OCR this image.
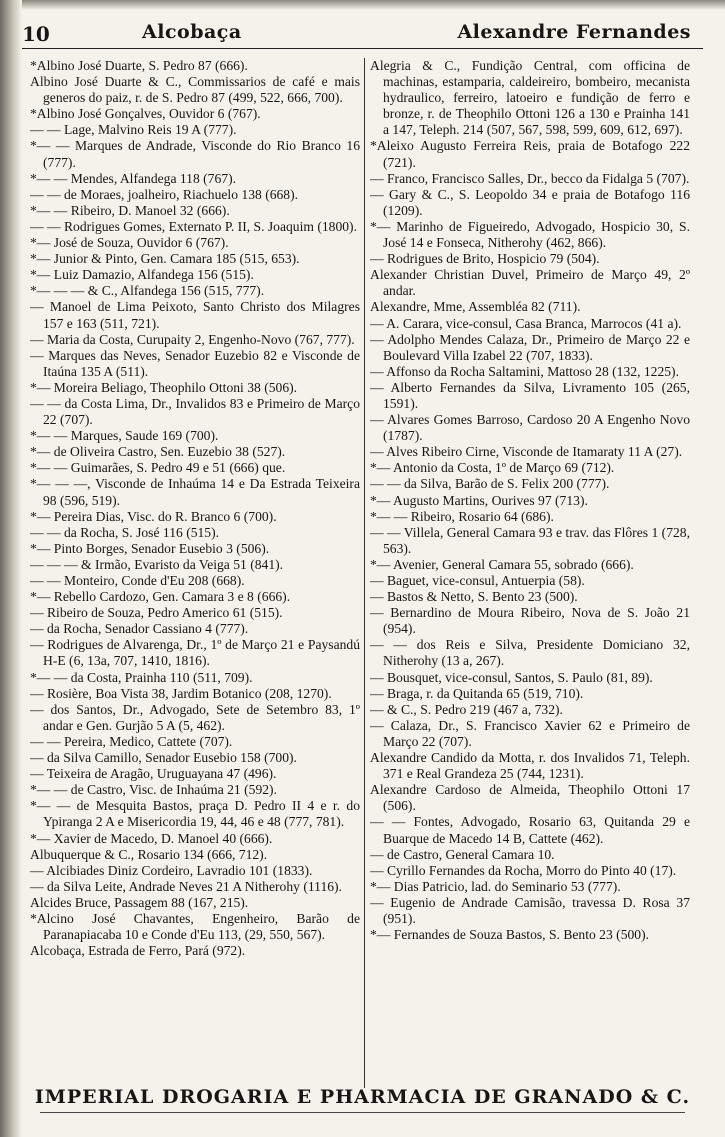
10	Alcobaça	Alexandre Fernandes

*Albino José Duarte, S. Pedro 87 (666).

Albino José Duarte & C., Commissarios de café e mais generos do paiz, r. de S. Pedro 87 (499, 522, 666, 700).

*Albino José Gonçalves, Ouvidor 6 (767).

— — Lage, Malvino Reis 19 A (777).

*— — Marques de Andrade, Visconde do Rio Branco 16 (777).

*— — Mendes, Alfandega 118 (767).

— — de Moraes, joalheiro, Riachuelo 138 (668).

*— — Ribeiro, D. Manoel 32 (666).

— — Rodrigues Gomes, Externato P. II, S. Joaquim (1800).

*— José de Souza, Ouvidor 6 (767).

*— Junior & Pinto, Gen. Camara 185 (515, 653).

*— Luiz Damazio, Alfandega 156 (515).

*— — — & C., Alfandega 156 (515, 777).

— Manoel de Lima Peixoto, Santo Christo dos Milagres 157 e 163 (511, 721).

— Maria da Costa, Curupaity 2, Engenho-Novo (767, 777).

— Marques das Neves, Senador Euzebio 82 e Visconde de Itaúna 135 A (511).

*— Moreira Beliago, Theophilo Ottoni 38 (506).

— — da Costa Lima, Dr., Invalidos 83 e Primeiro de Março 22 (707).

*— — Marques, Saude 169 (700).

*— de Oliveira Castro, Sen. Euzebio 38 (527).

*— — Guimarães, S. Pedro 49 e 51 (666) que.

*— — —, Visconde de Inhaúma 14 e Da Estrada Teixeira 98 (596, 519).

*— Pereira Dias, Visc. do R. Branco 6 (700).

— — da Rocha, S. José 116 (515).

*— Pinto Borges, Senador Eusebio 3 (506).

— — — & Irmão, Evaristo da Veiga 51 (841).

— — Monteiro, Conde d'Eu 208 (668).

*— Rebello Cardozo, Gen. Camara 3 e 8 (666).

— Ribeiro de Souza, Pedro Americo 61 (515).

— da Rocha, Senador Cassiano 4 (777).

— Rodrigues de Alvarenga, Dr., 1º de Março 21 e Paysandú H-E (6, 13a, 707, 1410, 1816).

*— — da Costa, Prainha 110 (511, 709).

— Rosière, Boa Vista 38, Jardim Botanico (208, 1270).

— dos Santos, Dr., Advogado, Sete de Setembro 83, 1º andar e Gen. Gurjão 5 A (5, 462).

— — Pereira, Medico, Cattete (707).

— da Silva Camillo, Senador Eusebio 158 (700).

— Teixeira de Aragão, Uruguayana 47 (496).

*— — de Castro, Visc. de Inhaúma 21 (592).

*— — de Mesquita Bastos, praça D. Pedro II 4 e r. do Ypiranga 2 A e Misericordia 19, 44, 46 e 48 (777, 781).

*— Xavier de Macedo, D. Manoel 40 (666).

Albuquerque & C., Rosario 134 (666, 712).

— Alcibiades Diniz Cordeiro, Lavradio 101 (1833).

— da Silva Leite, Andrade Neves 21 A Nitherohy (1116).

Alcides Bruce, Passagem 88 (167, 215).

*Alcino José Chavantes, Engenheiro, Barão de Paranapiacaba 10 e Conde d'Eu 113, (29, 550, 567).

Alcobaça, Estrada de Ferro, Pará (972).

Alegria & C., Fundição Central, com officina de machinas, estamparia, caldeireiro, bombeiro, mecanista hydraulico, ferreiro, latoeiro e fundição de ferro e bronze, r. de Theophilo Ottoni 126 a 130 e Prainha 141 a 147, Teleph. 214 (507, 567, 598, 599, 609, 612, 697).

*Aleixo Augusto Ferreira Reis, praia de Botafogo 222 (721).

— Franco, Francisco Salles, Dr., becco da Fidalga 5 (707).

— Gary & C., S. Leopoldo 34 e praia de Botafogo 116 (1209).

*— Marinho de Figueiredo, Advogado, Hospicio 30, S. José 14 e Fonseca, Nitherohy (462, 866).

— Rodrigues de Brito, Hospicio 79 (504).

Alexander Christian Duvel, Primeiro de Março 49, 2º andar.

Alexandre, Mme, Assembléa 82 (711).

— A. Carara, vice-consul, Casa Branca, Marrocos (41 a).

— Adolpho Mendes Calaza, Dr., Primeiro de Março 22 e Boulevard Villa Izabel 22 (707, 1833).

— Affonso da Rocha Saltamini, Mattoso 28 (132, 1225).

— Alberto Fernandes da Silva, Livramento 105 (265, 1591).

— Alvares Gomes Barroso, Cardoso 20 A Engenho Novo (1787).

— Alves Ribeiro Cirne, Visconde de Itamaraty 11 A (27).

*— Antonio da Costa, 1º de Março 69 (712).

— — da Silva, Barão de S. Felix 200 (777).

*— Augusto Martins, Ourives 97 (713).

*— — Ribeiro, Rosario 64 (686).

— — Villela, General Camara 93 e trav. das Flôres 1 (728, 563).

*— Avenier, General Camara 55, sobrado (666).

— Baguet, vice-consul, Antuerpia (58).

— Bastos & Netto, S. Bento 23 (500).

— Bernardino de Moura Ribeiro, Nova de S. João 21 (954).

— — dos Reis e Silva, Presidente Domiciano 32, Nitherohy (13 a, 267).

— Bousquet, vice-consul, Santos, S. Paulo (81, 89).

— Braga, r. da Quitanda 65 (519, 710).

— & C., S. Pedro 219 (467 a, 732).

— Calaza, Dr., S. Francisco Xavier 62 e Primeiro de Março 22 (707).

Alexandre Candido da Motta, r. dos Invalidos 71, Teleph. 371 e Real Grandeza 25 (744, 1231).

Alexandre Cardoso de Almeida, Theophilo Ottoni 17 (506).

— — Fontes, Advogado, Rosario 63, Quitanda 29 e Buarque de Macedo 14 B, Cattete (462).

— de Castro, General Camara 10.

— Cyrillo Fernandes da Rocha, Morro do Pinto 40 (17).

*— Dias Patricio, lad. do Seminario 53 (777).

— Eugenio de Andrade Camisão, travessa D. Rosa 37 (951).

*— Fernandes de Souza Bastos, S. Bento 23 (500).

IMPERIAL DROGARIA E PHARMACIA DE GRANADO & C.
